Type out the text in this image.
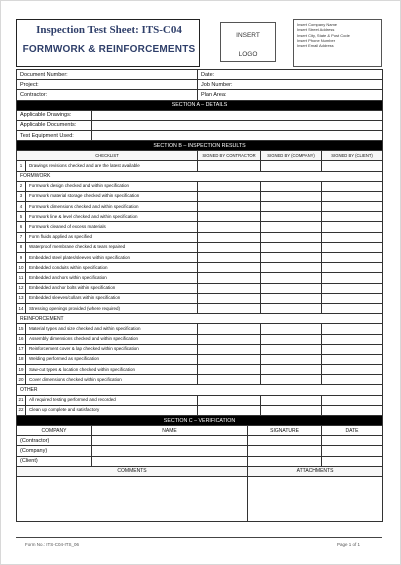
Inspection Test Sheet: ITS-C04
FORMWORK & REINFORCEMENTS
INSERT
LOGO
Insert Company Name
Insert Street Address
Insert City, State & Post Code
Insert Phone Number
Insert Email Address
Document Number:			Date:			
Project:			Job Number:			
Contractor:			Plan Area:			
SECTION A – DETAILS						
Applicable Drawings:						
Applicable Documents:						
Test Equipment Used:						
SECTION B – INSPECTION RESULTS						
CHECKLIST			SIGNED BY CONTRACTOR		SIGNED BY (COMPANY)	SIGNED BY (CLIENT)
1	Drawings revisions checked and are the latest available					
FORMWORK						
2	Formwork design checked and within specification					
3	Formwork material storage checked within specification					
4	Formwork dimensions checked and within specification					
5	Formwork line & level checked and within specification					
6	Formwork cleaned of excess materials					
7	Form fluids applied as specified					
8	Waterproof membrane checked & tears repaired					
9	Embedded steel plates/sleeves within specification					
10	Embedded conduits within specification					
11	Embedded anchors within specification					
12	Embedded anchor bolts within specification					
13	Embedded sleeves/collars within specification					
14	Stressing openings provided (where required)					
REINFORCEMENT						
15	Material types and size checked and within specification					
16	Assembly dimensions checked and within specification					
17	Reinforcement cover & lap checked within specification					
18	Welding performed as specification					
19	Saw-cut types & location checked within specification					
20	Cover dimensions checked within specification					
OTHER						
21	All required testing performed and recorded					
22	Clean up complete and satisfactory					
SECTION C – VERIFICATION						
COMPANY		NAME		SIGNATURE		DATE
(Contractor)						
(Company)						
(Client)						
COMMENTS				ATTACHMENTS		

Form No.: ITS-C04-ITS_06	Page 1 of 1
